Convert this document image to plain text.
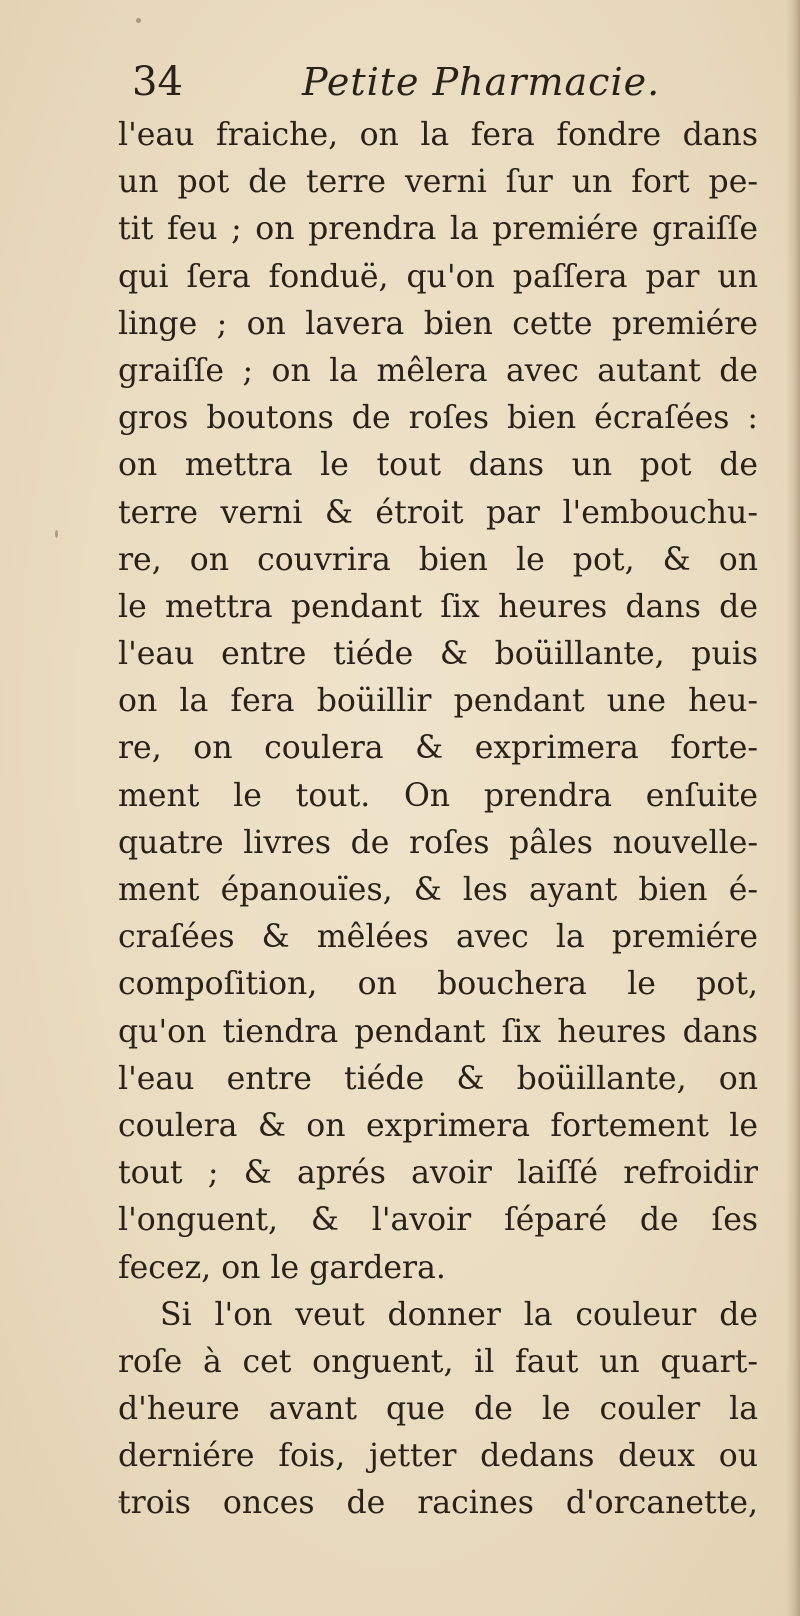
34	Petite Pharmacie.
l'eau fraiche, on la fera fondre dans
un pot de terre verni ſur un fort pe-
tit feu ; on prendra la premiére graiſſe
qui ſera fonduë, qu'on paſſera par un
linge ; on lavera bien cette premiére
graiſſe ; on la mêlera avec autant de
gros boutons de roſes bien écraſées :
on mettra le tout dans un pot de
terre verni & étroit par l'embouchu-
re, on couvrira bien le pot, & on
le mettra pendant ſix heures dans de
l'eau entre tiéde & boüillante, puis
on la fera boüillir pendant une heu-
re, on coulera & exprimera forte-
ment le tout. On prendra enſuite
quatre livres de roſes pâles nouvelle-
ment épanouïes, & les ayant bien é-
craſées & mêlées avec la premiére
compoſition, on bouchera le pot,
qu'on tiendra pendant ſix heures dans
l'eau entre tiéde & boüillante, on
coulera & on exprimera fortement le
tout ; & aprés avoir laiſſé refroidir
l'onguent, & l'avoir ſéparé de ſes
fecez, on le gardera.
Si l'on veut donner la couleur de
roſe à cet onguent, il faut un quart-
d'heure avant que de le couler la
derniére fois, jetter dedans deux ou
trois onces de racines d'orcanette,
